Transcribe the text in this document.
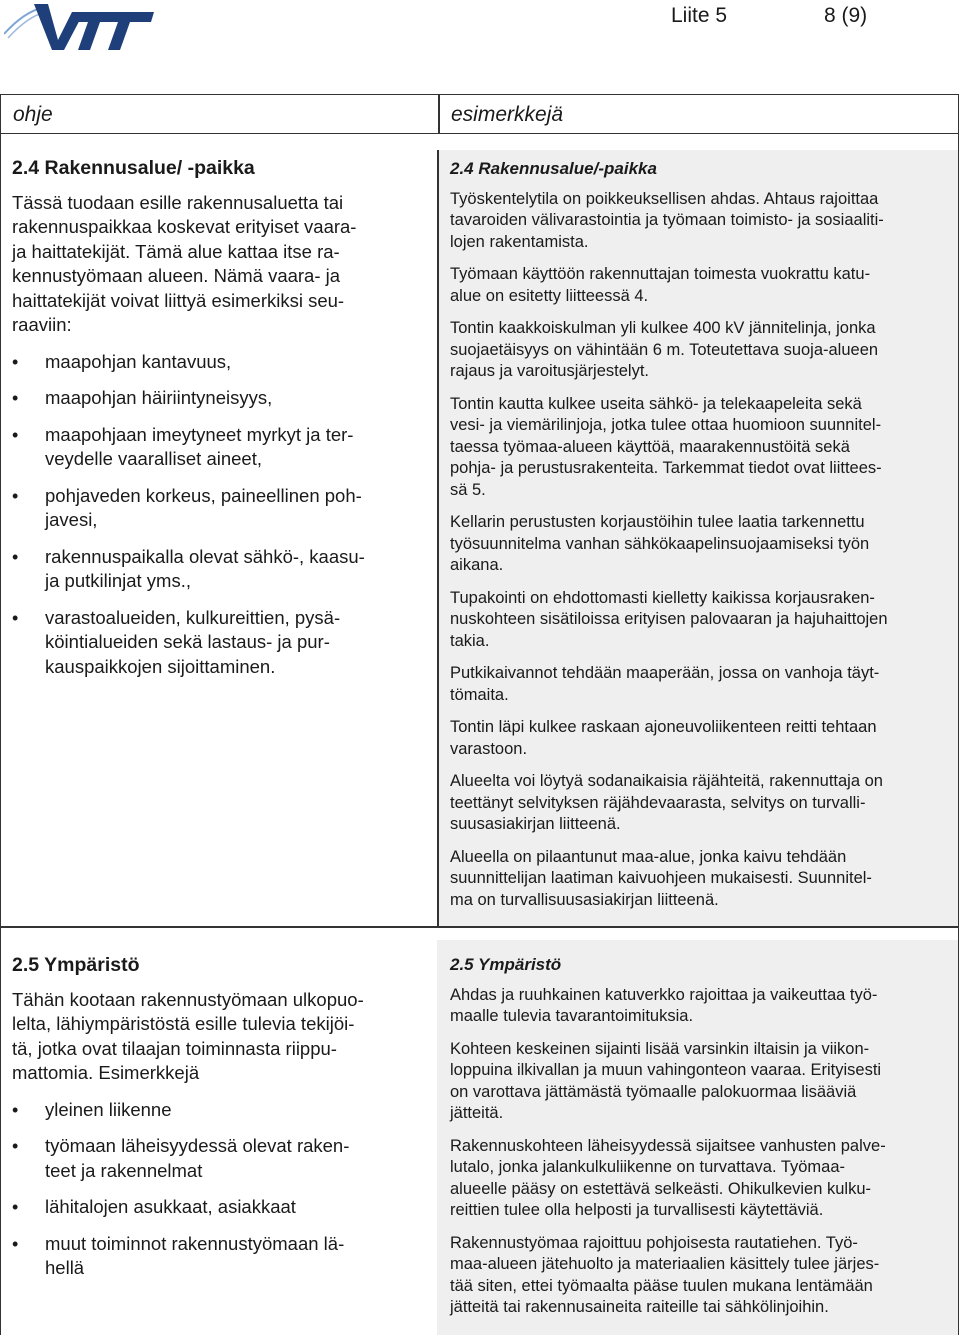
Liite 5	8 (9)
ohje	esimerkkejä
2.4 Rakennusalue/ -paikka

Tässä tuodaan esille rakennusaluetta tai
rakennuspaikkaa koskevat erityiset vaara-
ja haittatekijät. Tämä alue kattaa itse ra-
kennustyömaan alueen. Nämä vaara- ja
haittatekijät voivat liittyä esimerkiksi seu-
raaviin:

• maapohjan kantavuus,
• maapohjan häiriintyneisyys,
• maapohjaan imeytyneet myrkyt ja ter-
veydelle vaaralliset aineet,
• pohjaveden korkeus, paineellinen poh-
javesi,
• rakennuspaikalla olevat sähkö-, kaasu-
ja putkilinjat yms.,
• varastoalueiden, kulkureittien, pysä-
köintialueiden sekä lastaus- ja pur-
kauspaikkojen sijoittaminen.
2.4 Rakennusalue/-paikka

Työskentelytila on poikkeuksellisen ahdas. Ahtaus rajoittaa
tavaroiden välivarastointia ja työmaan toimisto- ja sosiaaliti-
lojen rakentamista.

Työmaan käyttöön rakennuttajan toimesta vuokrattu katu-
alue on esitetty liitteessä 4.

Tontin kaakkoiskulman yli kulkee 400 kV jännitelinja, jonka
suojaetäisyys on vähintään 6 m. Toteutettava suoja-alueen
rajaus ja varoitusjärjestelyt.

Tontin kautta kulkee useita sähkö- ja telekaapeleita sekä
vesi- ja viemärilinjoja, jotka tulee ottaa huomioon suunnitel-
taessa työmaa-alueen käyttöä, maarakennustöitä sekä
pohja- ja perustusrakenteita. Tarkemmat tiedot ovat liittees-
sä 5.

Kellarin perustusten korjaustöihin tulee laatia tarkennettu
työsuunnitelma vanhan sähkökaapelinsuojaamiseksi työn
aikana.

Tupakointi on ehdottomasti kielletty kaikissa korjausraken-
nuskohteen sisätiloissa erityisen palovaaran ja hajuhaittojen
takia.

Putkikaivannot tehdään maaperään, jossa on vanhoja täyt-
tömaita.

Tontin läpi kulkee raskaan ajoneuvoliikenteen reitti tehtaan
varastoon.

Alueelta voi löytyä sodanaikaisia räjähteitä, rakennuttaja on
teettänyt selvityksen räjähdevaarasta, selvitys on turvalli-
suusasiakirjan liitteenä.

Alueella on pilaantunut maa-alue, jonka kaivu tehdään
suunnittelijan laatiman kaivuohjeen mukaisesti. Suunnitel-
ma on turvallisuusasiakirjan liitteenä.

2.5 Ympäristö

Tähän kootaan rakennustyömaan ulkopuo-
lelta, lähiympäristöstä esille tulevia tekijöi-
tä, jotka ovat tilaajan toiminnasta riippu-
mattomia. Esimerkkejä

• yleinen liikenne
• työmaan läheisyydessä olevat raken-
teet ja rakennelmat
• lähitalojen asukkaat, asiakkaat
• muut toiminnot rakennustyömaan lä-
hellä
2.5 Ympäristö

Ahdas ja ruuhkainen katuverkko rajoittaa ja vaikeuttaa työ-
maalle tulevia tavarantoimituksia.

Kohteen keskeinen sijainti lisää varsinkin iltaisin ja viikon-
loppuina ilkivallan ja muun vahingonteon vaaraa. Erityisesti
on varottava jättämästä työmaalle palokuormaa lisääviä
jätteitä.

Rakennuskohteen läheisyydessä sijaitsee vanhusten palve-
lutalo, jonka jalankulkuliikenne on turvattava. Työmaa-
alueelle pääsy on estettävä selkeästi. Ohikulkevien kulku-
reittien tulee olla helposti ja turvallisesti käytettäviä.

Rakennustyömaa rajoittuu pohjoisesta rautatiehen. Työ-
maa-alueen jätehuolto ja materiaalien käsittely tulee järjes-
tää siten, ettei työmaalta pääse tuulen mukana lentämään
jätteitä tai rakennusaineita raiteille tai sähkölinjoihin.
